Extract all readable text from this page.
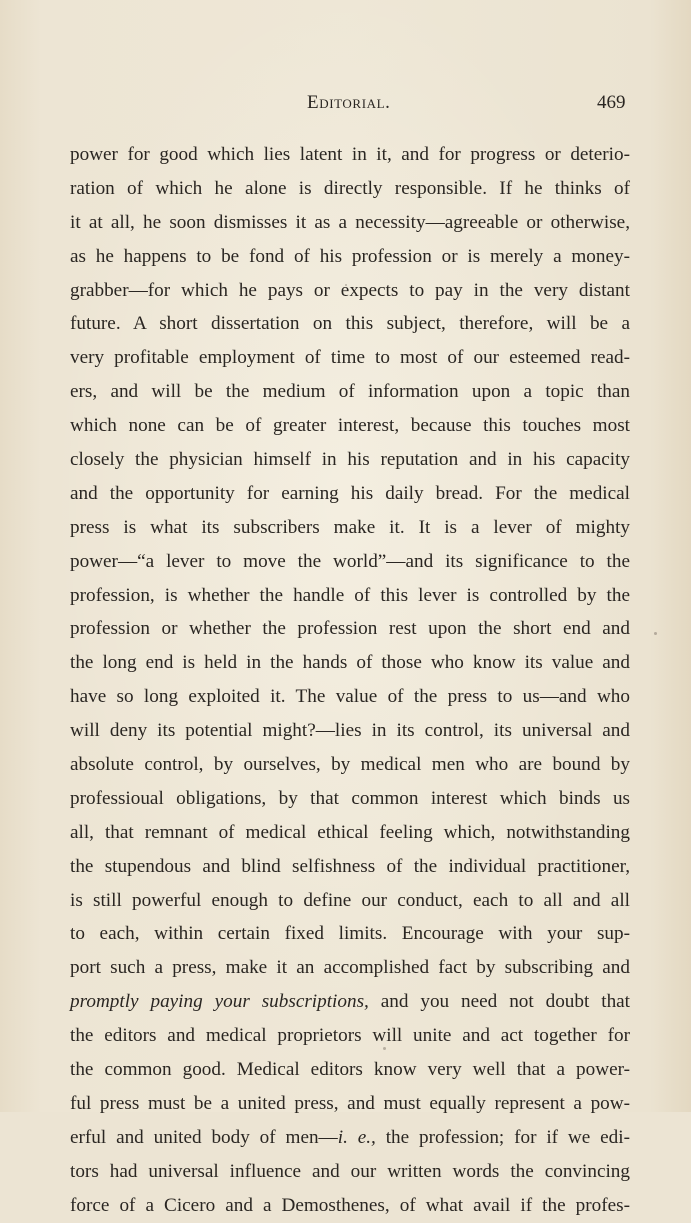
Editorial.	469
power for good which lies latent in it, and for progress or deterio-
ration of which he alone is directly responsible. If he thinks of
it at all, he soon dismisses it as a necessity—agreeable or otherwise,
as he happens to be fond of his profession or is merely a money-
grabber—for which he pays or expects to pay in the very distant
future. A short dissertation on this subject, therefore, will be a
very profitable employment of time to most of our esteemed read-
ers, and will be the medium of information upon a topic than
which none can be of greater interest, because this touches most
closely the physician himself in his reputation and in his capacity
and the opportunity for earning his daily bread. For the medical
press is what its subscribers make it. It is a lever of mighty
power—“a lever to move the world”—and its significance to the
profession, is whether the handle of this lever is controlled by the
profession or whether the profession rest upon the short end and
the long end is held in the hands of those who know its value and
have so long exploited it. The value of the press to us—and who
will deny its potential might?—lies in its control, its universal and
absolute control, by ourselves, by medical men who are bound by
professioual obligations, by that common interest which binds us
all, that remnant of medical ethical feeling which, notwithstanding
the stupendous and blind selfishness of the individual practitioner,
is still powerful enough to define our conduct, each to all and all
to each, within certain fixed limits. Encourage with your sup-
port such a press, make it an accomplished fact by subscribing and
promptly paying your subscriptions, and you need not doubt that
the editors and medical proprietors will unite and act together for
the common good. Medical editors know very well that a power-
ful press must be a united press, and must equally represent a pow-
erful and united body of men—i. e., the profession; for if we edi-
tors had universal influence and our written words the convincing
force of a Cicero and a Demosthenes, of what avail if the profes-
